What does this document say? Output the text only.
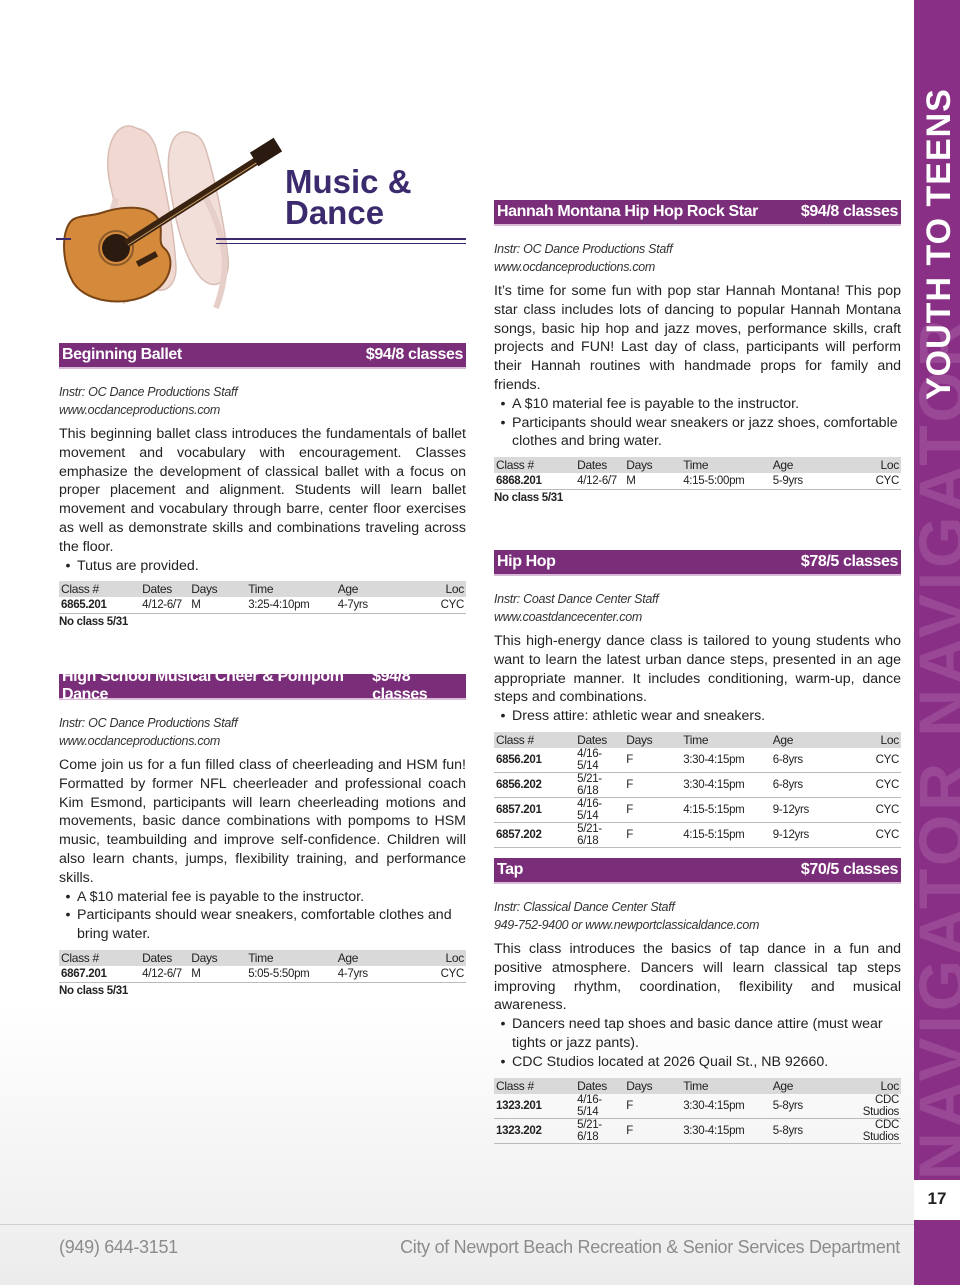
NAVIGATOR NAVIGATOR
YOUTH TO TEENS
17
Music &
Dance
Beginning Ballet	$94/8 classes
Instr: OC Dance Productions Staff
www.ocdanceproductions.com
This beginning ballet class introduces the fundamentals of ballet movement and vocabulary with encouragement. Classes emphasize the development of classical ballet with a focus on proper placement and alignment. Students will learn ballet movement and vocabulary through barre, center floor exercises as well as demonstrate skills and combinations traveling across the floor.
• Tutus are provided.
Class #	Dates	Days	Time	Age	Loc
6865.201	4/12-6/7	M	3:25-4:10pm	4-7yrs	CYC
No class 5/31
High School Musical Cheer & Pompom Dance
$94/8 classes
Instr: OC Dance Productions Staff
www.ocdanceproductions.com
Come join us for a fun filled class of cheerleading and HSM fun! Formatted by former NFL cheerleader and professional coach Kim Esmond, participants will learn cheerleading motions and movements, basic dance combinations with pompoms to HSM music, teambuilding and improve self-confidence. Children will also learn chants, jumps, flexibility training, and performance skills.
• A $10 material fee is payable to the instructor.
• Participants should wear sneakers, comfortable clothes and bring water.
Class #	Dates	Days	Time	Age	Loc
6867.201	4/12-6/7	M	5:05-5:50pm	4-7yrs	CYC
No class 5/31
Hannah Montana Hip Hop Rock Star	$94/8 classes
Instr: OC Dance Productions Staff
www.ocdanceproductions.com
It’s time for some fun with pop star Hannah Montana! This pop star class includes lots of dancing to popular Hannah Montana songs, basic hip hop and jazz moves, performance skills, craft projects and FUN! Last day of class, participants will perform their Hannah routines with handmade props for family and friends.
• A $10 material fee is payable to the instructor.
• Participants should wear sneakers or jazz shoes, comfortable clothes and bring water.
Class #	Dates	Days	Time	Age	Loc
6868.201	4/12-6/7	M	4:15-5:00pm	5-9yrs	CYC
No class 5/31
Hip Hop	$78/5 classes
Instr: Coast Dance Center Staff
www.coastdancecenter.com
This high-energy dance class is tailored to young students who want to learn the latest urban dance steps, presented in an age appropriate manner. It includes conditioning, warm-up, dance steps and combinations.
• Dress attire: athletic wear and sneakers.
Class #	Dates	Days	Time	Age	Loc
6856.201	4/16-5/14	F	3:30-4:15pm	6-8yrs	CYC
6856.202	5/21-6/18	F	3:30-4:15pm	6-8yrs	CYC
6857.201	4/16-5/14	F	4:15-5:15pm	9-12yrs	CYC
6857.202	5/21-6/18	F	4:15-5:15pm	9-12yrs	CYC
Tap	$70/5 classes
Instr: Classical Dance Center Staff
949-752-9400 or www.newportclassicaldance.com
This class introduces the basics of tap dance in a fun and positive atmosphere. Dancers will learn classical tap steps improving rhythm, coordination, flexibility and musical awareness.
• Dancers need tap shoes and basic dance attire (must wear tights or jazz pants).
• CDC Studios located at 2026 Quail St., NB 92660.
Class #	Dates	Days	Time	Age	Loc
1323.201	4/16-5/14	F	3:30-4:15pm	5-8yrs	CDC Studios
1323.202	5/21-6/18	F	3:30-4:15pm	5-8yrs	CDC Studios
(949) 644-3151	City of Newport Beach Recreation & Senior Services Department
